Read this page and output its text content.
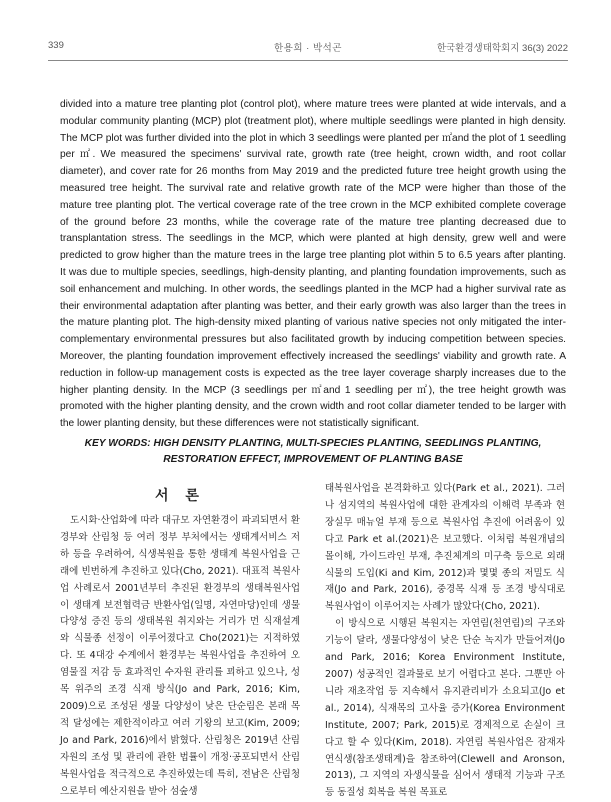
339	한용희 · 박석곤	한국환경생태학회지 36(3) 2022

divided into a mature tree planting plot (control plot), where mature trees were planted at wide intervals, and a modular community planting (MCP) plot (treatment plot), where multiple seedlings were planted in high density. The MCP plot was further divided into the plot in which 3 seedlings were planted per ㎡and the plot of 1 seedling per ㎡. We measured the specimens' survival rate, growth rate (tree height, crown width, and root collar diameter), and cover rate for 26 months from May 2019 and the predicted future tree height growth using the measured tree height. The survival rate and relative growth rate of the MCP were higher than those of the mature tree planting plot. The vertical coverage rate of the tree crown in the MCP exhibited complete coverage of the ground before 23 months, while the coverage rate of the mature tree planting decreased due to transplantation stress. The seedlings in the MCP, which were planted at high density, grew well and were predicted to grow higher than the mature trees in the large tree planting plot within 5 to 6.5 years after planting. It was due to multiple species, seedlings, high-density planting, and planting foundation improvements, such as soil enhancement and mulching. In other words, the seedlings planted in the MCP had a higher survival rate as their environmental adaptation after planting was better, and their early growth was also larger than the trees in the mature planting plot. The high-density mixed planting of various native species not only mitigated the inter-complementary environmental pressures but also facilitated growth by inducing competition between species. Moreover, the planting foundation improvement effectively increased the seedlings' viability and growth rate. A reduction in follow-up management costs is expected as the tree layer coverage sharply increases due to the higher planting density. In the MCP (3 seedlings per ㎡and 1 seedling per ㎡), the tree height growth was promoted with the higher planting density, and the crown width and root collar diameter tended to be larger with the lower planting density, but these differences were not statistically significant.

KEY WORDS: HIGH DENSITY PLANTING, MULTI-SPECIES PLANTING, SEEDLINGS PLANTING, RESTORATION EFFECT, IMPROVEMENT OF PLANTING BASE

서 론

도시화·산업화에 따라 대규모 자연환경이 파괴되면서 환경부와 산림청 등 여러 정부 부처에서는 생태계서비스 저하 등을 우려하여, 식생복원을 통한 생태계 복원사업을 근래에 빈번하게 추진하고 있다(Cho, 2021). 대표적 복원사업 사례로서 2001년부터 추진된 환경부의 생태복원사업이 생태계 보전협력금 반환사업(일명, 자연마당)인데 생물다양성 증진 등의 생태복원 취지와는 거리가 먼 식재설계와 식물종 선정이 이루어졌다고 Cho(2021)는 지적하였다. 또 4대강 수계에서 환경부는 복원사업을 추진하여 오염물질 저감 등 효과적인 수자원 관리를 꾀하고 있으나, 성목 위주의 조경 식재 방식(Jo and Park, 2016; Kim, 2009)으로 조성된 생물 다양성이 낮은 단순림은 본래 목적 달성에는 제한적이라고 여러 기왕의 보고(Kim, 2009; Jo and Park, 2016)에서 밝혔다. 산림청은 2019년 산림자원의 조성 및 관리에 관한 법률이 개정·공포되면서 산림복원사업을 적극적으로 추진하였는데 특히, 전남은 산림청으로부터 예산지원을 받아 섬숲생

태복원사업을 본격화하고 있다(Park et al., 2021). 그러나 섬지역의 복원사업에 대한 관계자의 이해력 부족과 현장실무 매뉴얼 부재 등으로 복원사업 추진에 어려움이 있다고 Park et al.(2021)은 보고했다. 이처럼 복원개념의 몰이해, 가이드라인 부재, 추진체계의 미구축 등으로 외래식물의 도입(Ki and Kim, 2012)과 몇몇 종의 저밀도 식재(Jo and Park, 2016), 중경목 식재 등 조경 방식대로 복원사업이 이루어지는 사례가 많았다(Cho, 2021).

이 방식으로 시행된 복원지는 자연림(천연림)의 구조와 기능이 달라, 생물다양성이 낮은 단순 녹지가 만들어져(Jo and Park, 2016; Korea Environment Institute, 2007) 성공적인 결과물로 보기 어렵다고 본다. 그뿐만 아니라 재초작업 등 지속해서 유지관리비가 소요되고(Jo et al., 2014), 식재목의 고사율 증가(Korea Environment Institute, 2007; Park, 2015)로 경제적으로 손실이 크다고 할 수 있다(Kim, 2018). 자연림 복원사업은 잠재자연식생(참조생태계)을 참조하여(Clewell and Aronson, 2013), 그 지역의 자생식물을 심어서 생태적 기능과 구조 등 동질성 회복을 복원 목표로
